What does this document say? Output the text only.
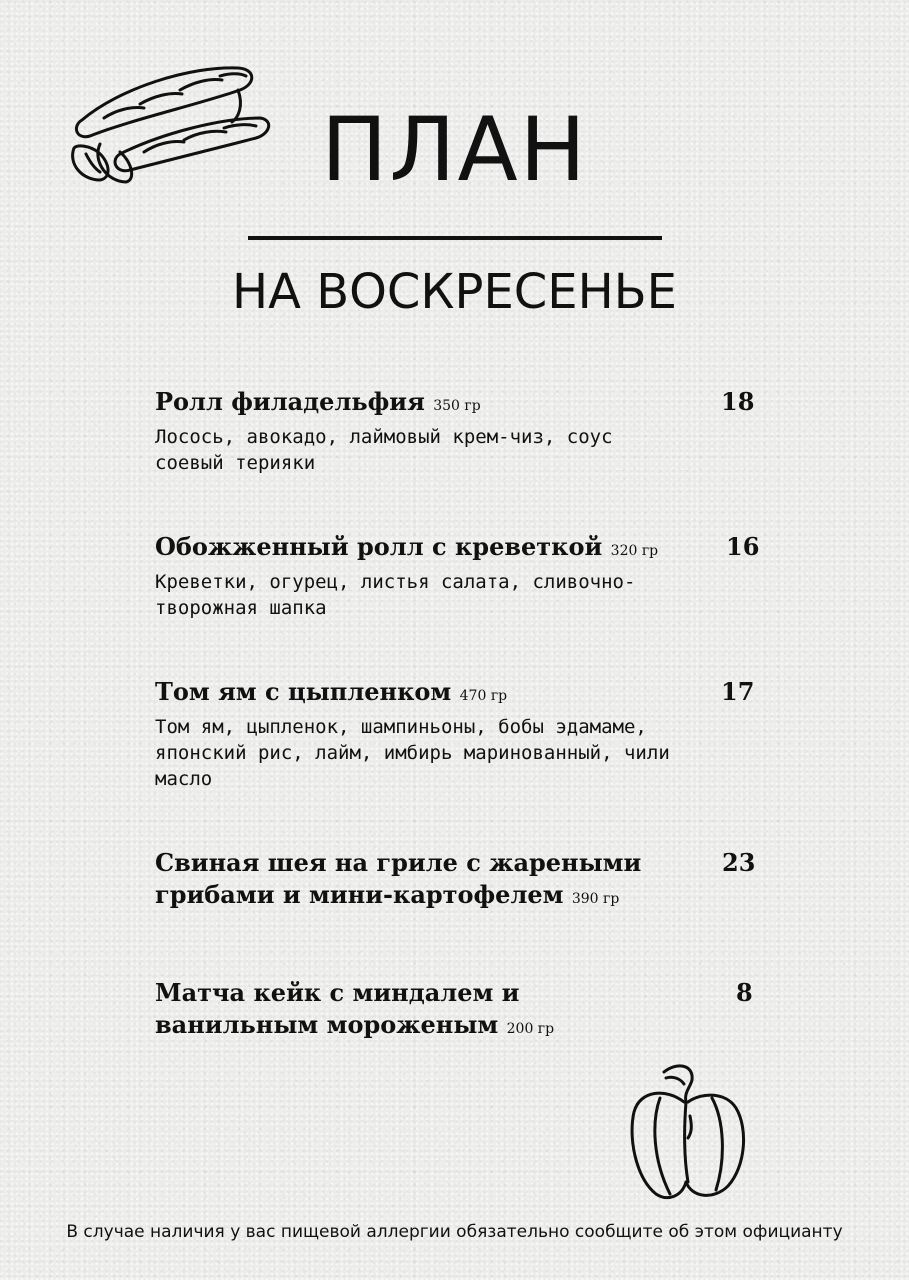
ПЛАН
НА ВОСКРЕСЕНЬЕ

Ролл филадельфия 350 гр

Лосось, авокадо, лаймовый крем-чиз, соус соевый терияки

18

Обожженный ролл с креветкой 320 гр

Креветки, огурец, листья салата, сливочно-творожная шапка

16

Том ям с цыпленком 470 гр

Том ям, цыпленок, шампиньоны, бобы эдамаме, японский рис, лайм, имбирь маринованный, чили масло

17

Свиная шея на гриле с жареными грибами и мини-картофелем 390 гр

23

Матча кейк с миндалем и ванильным мороженым 200 гр

8

В случае наличия у вас пищевой аллергии обязательно сообщите об этом официанту
